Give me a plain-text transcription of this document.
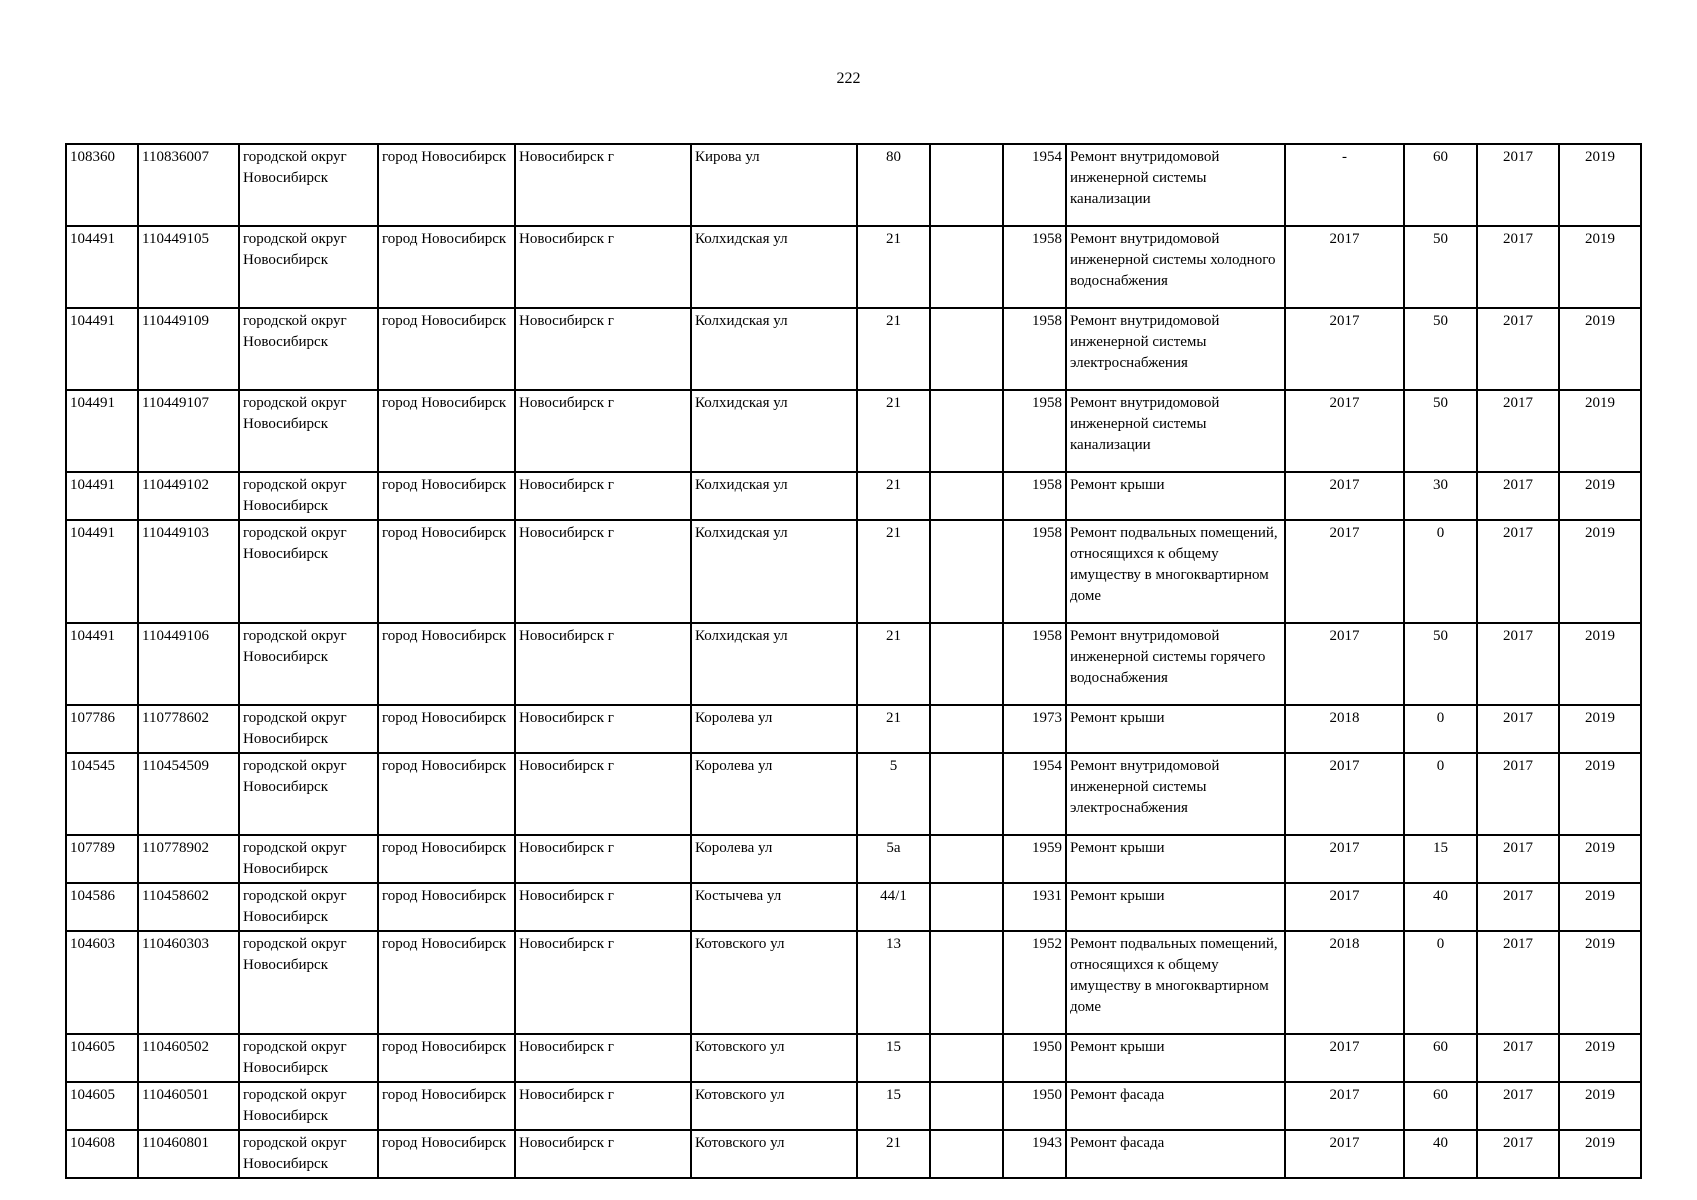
222
108360	110836007	городской округ Новосибирск	город Новосибирск	Новосибирск г	Кирова ул	80		1954	Ремонт внутридомовой инженерной системы канализации	-	60	2017	2019
104491	110449105	городской округ Новосибирск	город Новосибирск	Новосибирск г	Колхидская ул	21		1958	Ремонт внутридомовой инженерной системы холодного водоснабжения	2017	50	2017	2019
104491	110449109	городской округ Новосибирск	город Новосибирск	Новосибирск г	Колхидская ул	21		1958	Ремонт внутридомовой инженерной системы электроснабжения	2017	50	2017	2019
104491	110449107	городской округ Новосибирск	город Новосибирск	Новосибирск г	Колхидская ул	21		1958	Ремонт внутридомовой инженерной системы канализации	2017	50	2017	2019
104491	110449102	городской округ Новосибирск	город Новосибирск	Новосибирск г	Колхидская ул	21		1958	Ремонт крыши	2017	30	2017	2019
104491	110449103	городской округ Новосибирск	город Новосибирск	Новосибирск г	Колхидская ул	21		1958	Ремонт подвальных помещений, относящихся к общему имуществу в многоквартирном доме	2017	0	2017	2019
104491	110449106	городской округ Новосибирск	город Новосибирск	Новосибирск г	Колхидская ул	21		1958	Ремонт внутридомовой инженерной системы горячего водоснабжения	2017	50	2017	2019
107786	110778602	городской округ Новосибирск	город Новосибирск	Новосибирск г	Королева ул	21		1973	Ремонт крыши	2018	0	2017	2019
104545	110454509	городской округ Новосибирск	город Новосибирск	Новосибирск г	Королева ул	5		1954	Ремонт внутридомовой инженерной системы электроснабжения	2017	0	2017	2019
107789	110778902	городской округ Новосибирск	город Новосибирск	Новосибирск г	Королева ул	5а		1959	Ремонт крыши	2017	15	2017	2019
104586	110458602	городской округ Новосибирск	город Новосибирск	Новосибирск г	Костычева ул	44/1		1931	Ремонт крыши	2017	40	2017	2019
104603	110460303	городской округ Новосибирск	город Новосибирск	Новосибирск г	Котовского ул	13		1952	Ремонт подвальных помещений, относящихся к общему имуществу в многоквартирном доме	2018	0	2017	2019
104605	110460502	городской округ Новосибирск	город Новосибирск	Новосибирск г	Котовского ул	15		1950	Ремонт крыши	2017	60	2017	2019
104605	110460501	городской округ Новосибирск	город Новосибирск	Новосибирск г	Котовского ул	15		1950	Ремонт фасада	2017	60	2017	2019
104608	110460801	городской округ Новосибирск	город Новосибирск	Новосибирск г	Котовского ул	21		1943	Ремонт фасада	2017	40	2017	2019
